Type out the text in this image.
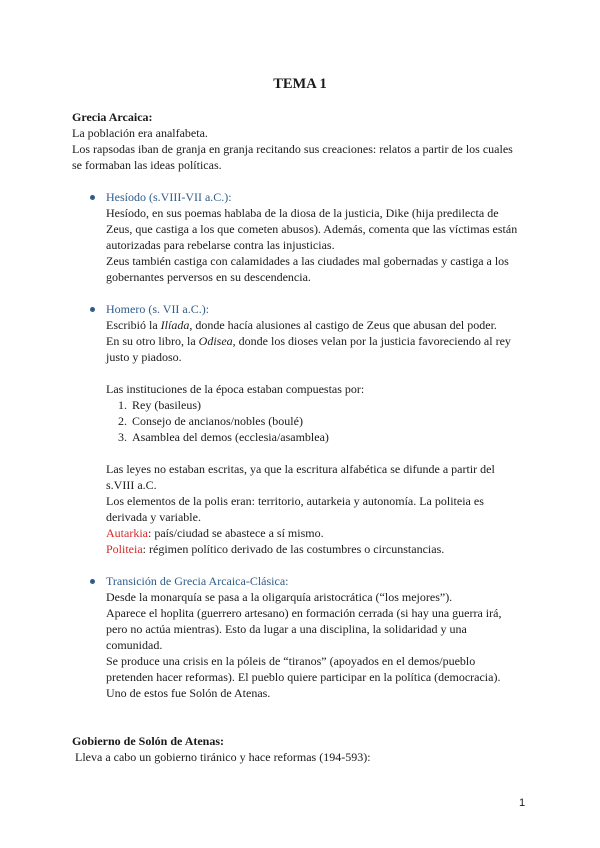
TEMA 1
Grecia Arcaica:
La población era analfabeta.
Los rapsodas iban de granja en granja recitando sus creaciones: relatos a partir de los cuales
se formaban las ideas políticas.
Hesíodo (s.VIII-VII a.C.):
Hesíodo, en sus poemas hablaba de la diosa de la justicia, Dike (hija predilecta de
Zeus, que castiga a los que cometen abusos). Además, comenta que las víctimas están
autorizadas para rebelarse contra las injusticias.
Zeus también castiga con calamidades a las ciudades mal gobernadas y castiga a los
gobernantes perversos en su descendencia.
Homero (s. VII a.C.):
Escribió la Ilíada, donde hacía alusiones al castigo de Zeus que abusan del poder.
En su otro libro, la Odisea, donde los dioses velan por la justicia favoreciendo al rey
justo y piadoso.
Las instituciones de la época estaban compuestas por:
1. Rey (basileus)
2. Consejo de ancianos/nobles (boulé)
3. Asamblea del demos (ecclesia/asamblea)
Las leyes no estaban escritas, ya que la escritura alfabética se difunde a partir del
s.VIII a.C.
Los elementos de la polis eran: territorio, autarkeia y autonomía. La politeia es
derivada y variable.
Autarkia: país/ciudad se abastece a sí mismo.
Politeia: régimen político derivado de las costumbres o circunstancias.
Transición de Grecia Arcaica-Clásica:
Desde la monarquía se pasa a la oligarquía aristocrática (“los mejores”).
Aparece el hoplita (guerrero artesano) en formación cerrada (si hay una guerra irá,
pero no actúa mientras). Esto da lugar a una disciplina, la solidaridad y una
comunidad.
Se produce una crisis en la póleis de “tiranos” (apoyados en el demos/pueblo
pretenden hacer reformas). El pueblo quiere participar en la política (democracia).
Uno de estos fue Solón de Atenas.
Gobierno de Solón de Atenas:
Lleva a cabo un gobierno tiránico y hace reformas (194-593):
1
